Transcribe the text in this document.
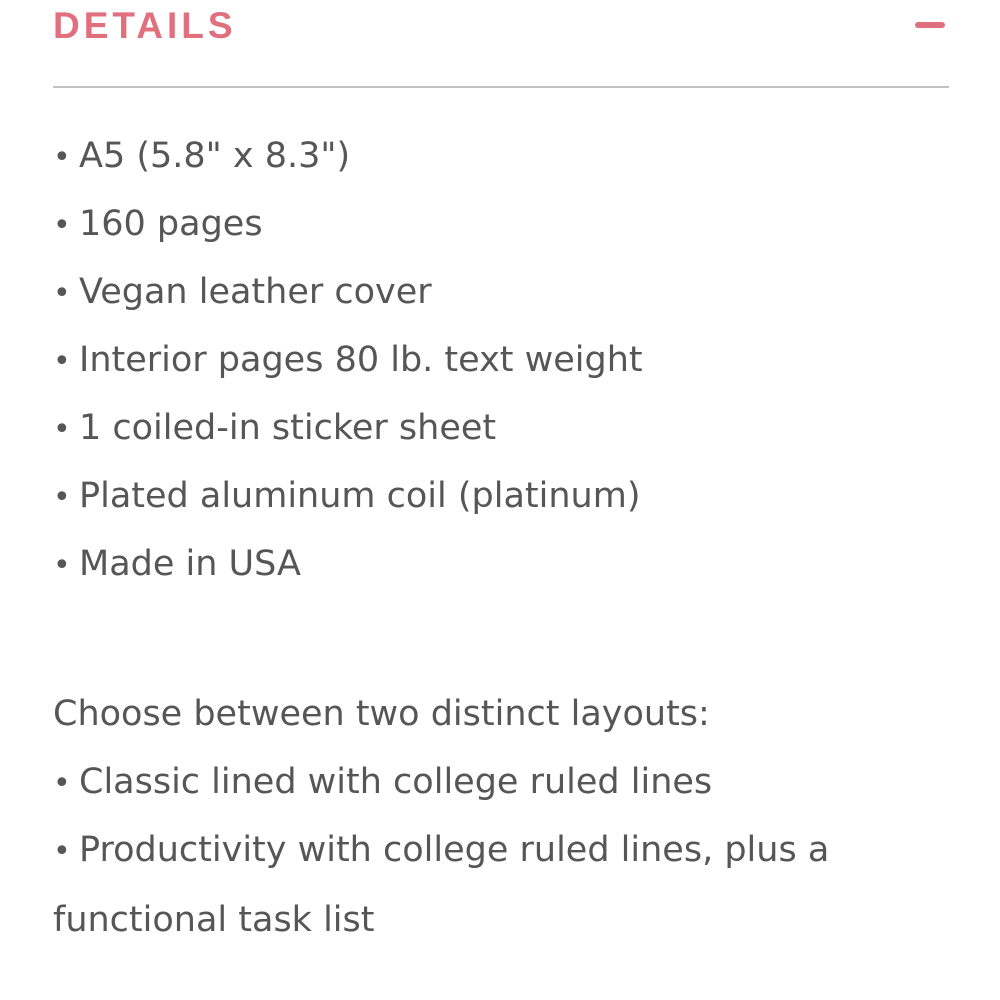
DETAILS
• A5 (5.8" x 8.3")
• 160 pages
• Vegan leather cover
• Interior pages 80 lb. text weight
• 1 coiled-in sticker sheet
• Plated aluminum coil (platinum)
• Made in USA

Choose between two distinct layouts:

• Classic lined with college ruled lines
• Productivity with college ruled lines, plus a functional task list
